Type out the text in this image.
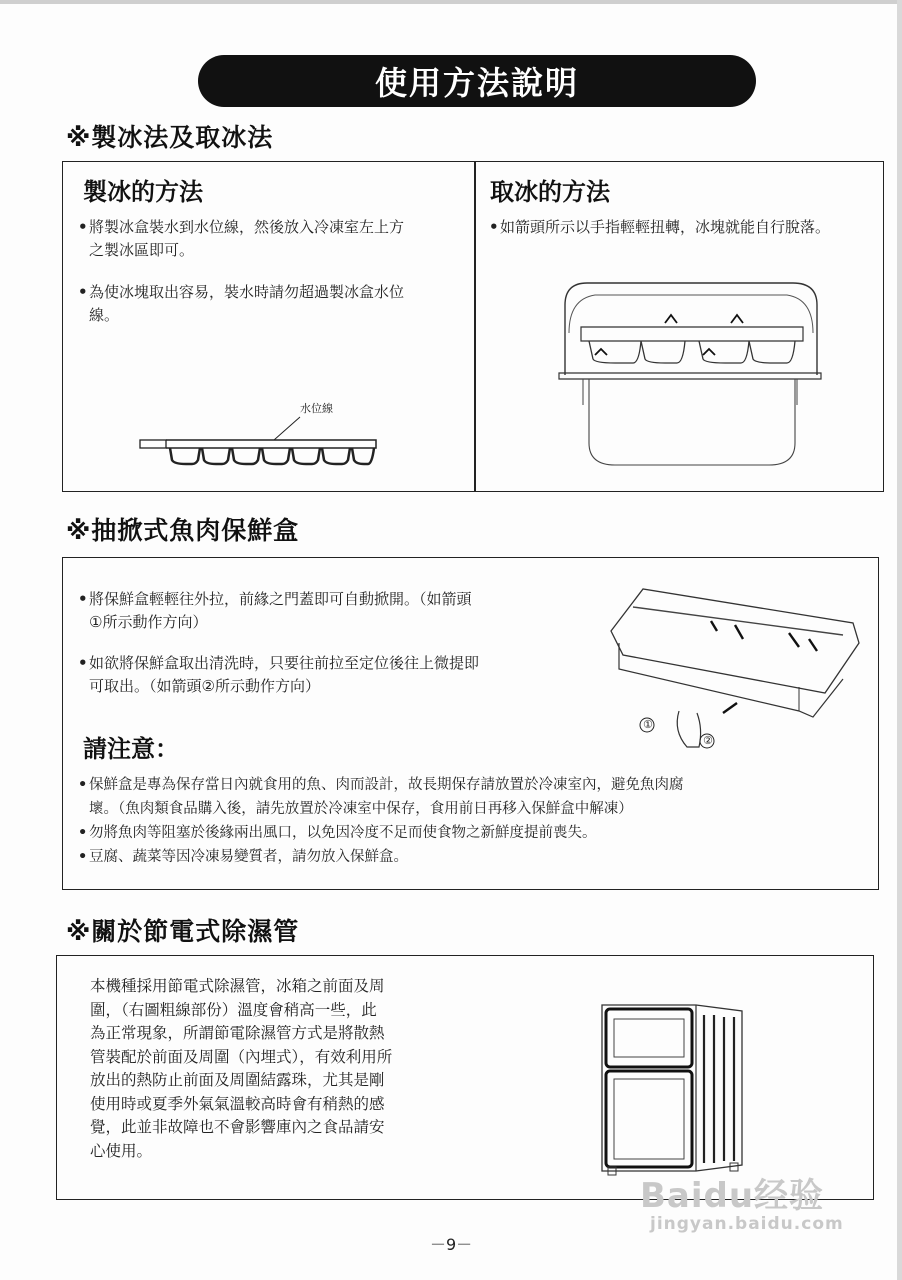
使用方法說明
※製冰法及取冰法
製冰的方法
• 將製冰盒裝水到水位線，然後放入冷凍室左上方
之製冰區即可。
• 為使冰塊取出容易，裝水時請勿超過製冰盒水位
線。
水位線
取冰的方法
• 如箭頭所示以手指輕輕扭轉，冰塊就能自行脫落。
※抽掀式魚肉保鮮盒
• 將保鮮盒輕輕往外拉，前緣之門蓋即可自動掀開。（如箭頭
①所示動作方向）
• 如欲將保鮮盒取出清洗時，只要往前拉至定位後往上微提即
可取出。（如箭頭②所示動作方向）
①
②
請注意：
• 保鮮盒是專為保存當日內就食用的魚、肉而設計，故長期保存請放置於冷凍室內，避免魚肉腐
壞。（魚肉類食品購入後，請先放置於冷凍室中保存，食用前日再移入保鮮盒中解凍）
• 勿將魚肉等阻塞於後緣兩出風口，以免因冷度不足而使食物之新鮮度提前喪失。
• 豆腐、蔬菜等因冷凍易變質者，請勿放入保鮮盒。
※關於節電式除濕管
本機種採用節電式除濕管，冰箱之前面及周
圍，（右圖粗線部份）溫度會稍高一些，此
為正常現象，所謂節電除濕管方式是將散熱
管裝配於前面及周圍（內埋式），有效利用所
放出的熱防止前面及周圍結露珠，尤其是剛
使用時或夏季外氣氣溫較高時會有稍熱的感
覺，此並非故障也不會影響庫內之食品請安
心使用。
Baidu经验
jingyan.baidu.com
－9－
